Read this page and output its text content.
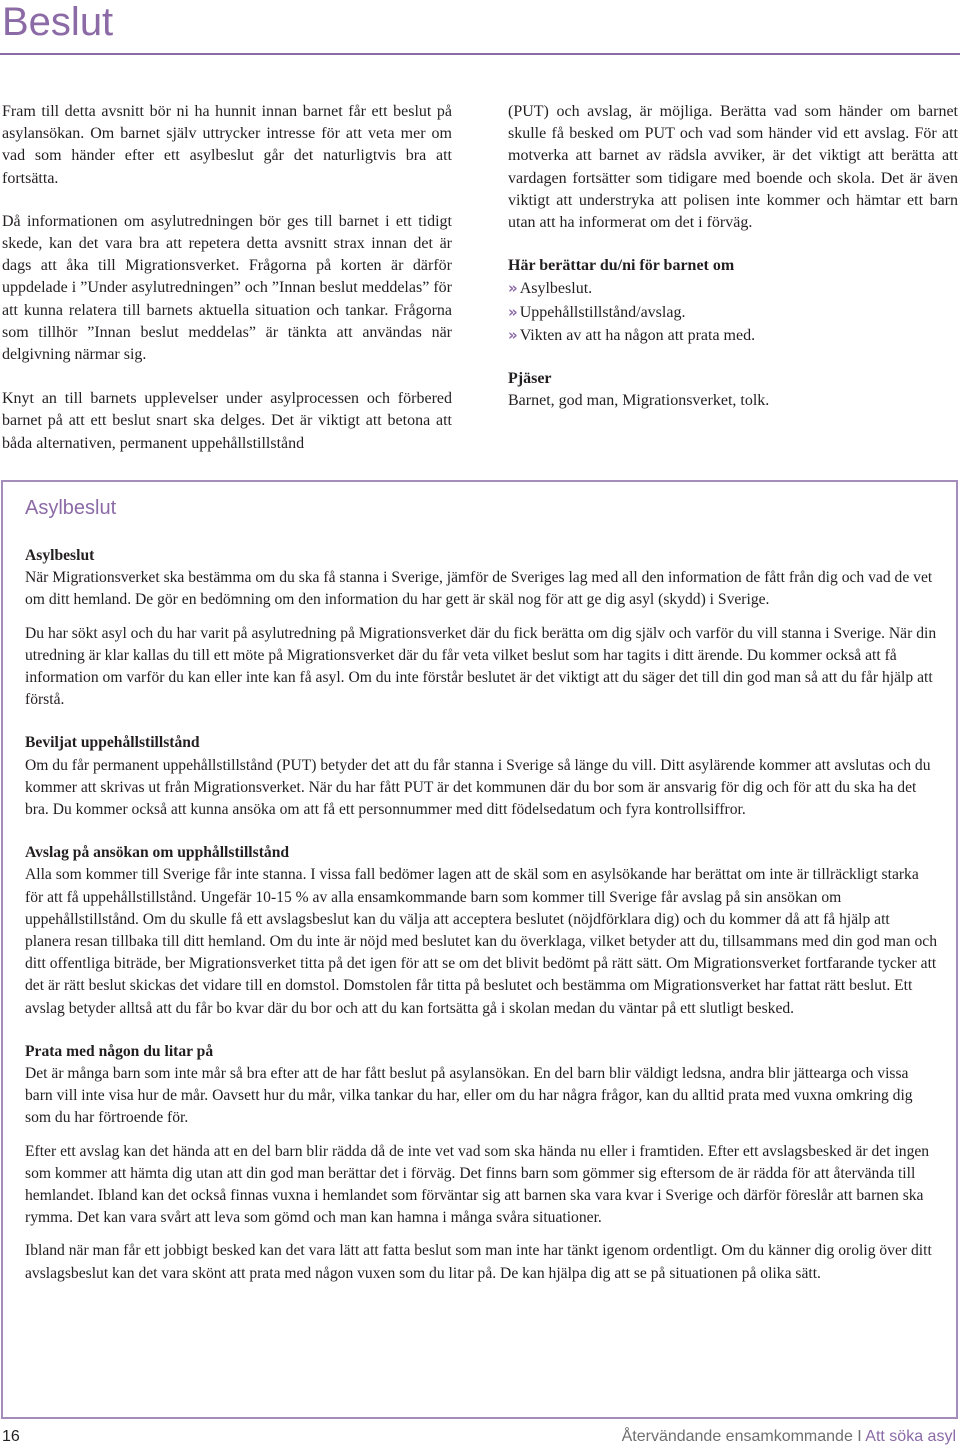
Beslut

Fram till detta avsnitt bör ni ha hunnit innan barnet får ett beslut på asylansökan. Om barnet själv uttrycker intresse för att veta mer om vad som händer efter ett asylbeslut går det naturligtvis bra att fortsätta.

Då informationen om asylutredningen bör ges till barnet i ett tidigt skede, kan det vara bra att repetera detta avsnitt strax innan det är dags att åka till Migrationsverket. Frågorna på korten är därför uppdelade i ”Under asylutredningen” och ”Innan beslut meddelas” för att kunna relatera till barnets aktuella situation och tankar. Frågorna som tillhör ”Innan beslut meddelas” är tänkta att användas när delgivning närmar sig.

Knyt an till barnets upplevelser under asylprocessen och förbered barnet på att ett beslut snart ska delges. Det är viktigt att betona att båda alternativen, permanent uppehållstillstånd

(PUT) och avslag, är möjliga. Berätta vad som händer om barnet skulle få besked om PUT och vad som händer vid ett avslag. För att motverka att barnet av rädsla avviker, är det viktigt att berätta att vardagen fortsätter som tidigare med boende och skola. Det är även viktigt att understryka att polisen inte kommer och hämtar ett barn utan att ha informerat om det i förväg.

Här berättar du/ni för barnet om

» Asylbeslut.
» Uppehållstillstånd/avslag.
» Vikten av att ha någon att prata med.

Pjäser

Barnet, god man, Migrationsverket, tolk.

Asylbeslut

Asylbeslut
När Migrationsverket ska bestämma om du ska få stanna i Sverige, jämför de Sveriges lag med all den information de fått från dig och vad de vet om ditt hemland. De gör en bedömning om den information du har gett är skäl nog för att ge dig asyl (skydd) i Sverige.

Du har sökt asyl och du har varit på asylutredning på Migrationsverket där du fick berätta om dig själv och varför du vill stanna i Sverige. När din utredning är klar kallas du till ett möte på Migrationsverket där du får veta vilket beslut som har tagits i ditt ärende. Du kommer också att få information om varför du kan eller inte kan få asyl. Om du inte förstår beslutet är det viktigt att du säger det till din god man så att du får hjälp att förstå.

Beviljat uppehållstillstånd
Om du får permanent uppehållstillstånd (PUT) betyder det att du får stanna i Sverige så länge du vill. Ditt asylärende kommer att avslutas och du kommer att skrivas ut från Migrationsverket. När du har fått PUT är det kommunen där du bor som är ansvarig för dig och för att du ska ha det bra. Du kommer också att kunna ansöka om att få ett personnummer med ditt födelsedatum och fyra kontrollsiffror.

Avslag på ansökan om upphållstillstånd
Alla som kommer till Sverige får inte stanna. I vissa fall bedömer lagen att de skäl som en asylsökande har berättat om inte är tillräckligt starka för att få uppehållstillstånd. Ungefär 10-15 % av alla ensamkommande barn som kommer till Sverige får avslag på sin ansökan om uppehållstillstånd. Om du skulle få ett avslagsbeslut kan du välja att acceptera beslutet (nöjdförklara dig) och du kommer då att få hjälp att planera resan tillbaka till ditt hemland. Om du inte är nöjd med beslutet kan du överklaga, vilket betyder att du, tillsammans med din god man och ditt offentliga biträde, ber Migrationsverket titta på det igen för att se om det blivit bedömt på rätt sätt. Om Migrationsverket fortfarande tycker att det är rätt beslut skickas det vidare till en domstol. Domstolen får titta på beslutet och bestämma om Migrationsverket har fattat rätt beslut. Ett avslag betyder alltså att du får bo kvar där du bor och att du kan fortsätta gå i skolan medan du väntar på ett slutligt besked.

Prata med någon du litar på
Det är många barn som inte mår så bra efter att de har fått beslut på asylansökan. En del barn blir väldigt ledsna, andra blir jättearga och vissa barn vill inte visa hur de mår. Oavsett hur du mår, vilka tankar du har, eller om du har några frågor, kan du alltid prata med vuxna omkring dig som du har förtroende för.

Efter ett avslag kan det hända att en del barn blir rädda då de inte vet vad som ska hända nu eller i framtiden. Efter ett avslagsbesked är det ingen som kommer att hämta dig utan att din god man berättar det i förväg. Det finns barn som gömmer sig eftersom de är rädda för att återvända till hemlandet. Ibland kan det också finnas vuxna i hemlandet som förväntar sig att barnen ska vara kvar i Sverige och därför föreslår att barnen ska rymma. Det kan vara svårt att leva som gömd och man kan hamna i många svåra situationer.

Ibland när man får ett jobbigt besked kan det vara lätt att fatta beslut som man inte har tänkt igenom ordentligt. Om du känner dig orolig över ditt avslagsbeslut kan det vara skönt att prata med någon vuxen som du litar på. De kan hjälpa dig att se på situationen på olika sätt.

16	Återvändande ensamkommande I Att söka asyl
